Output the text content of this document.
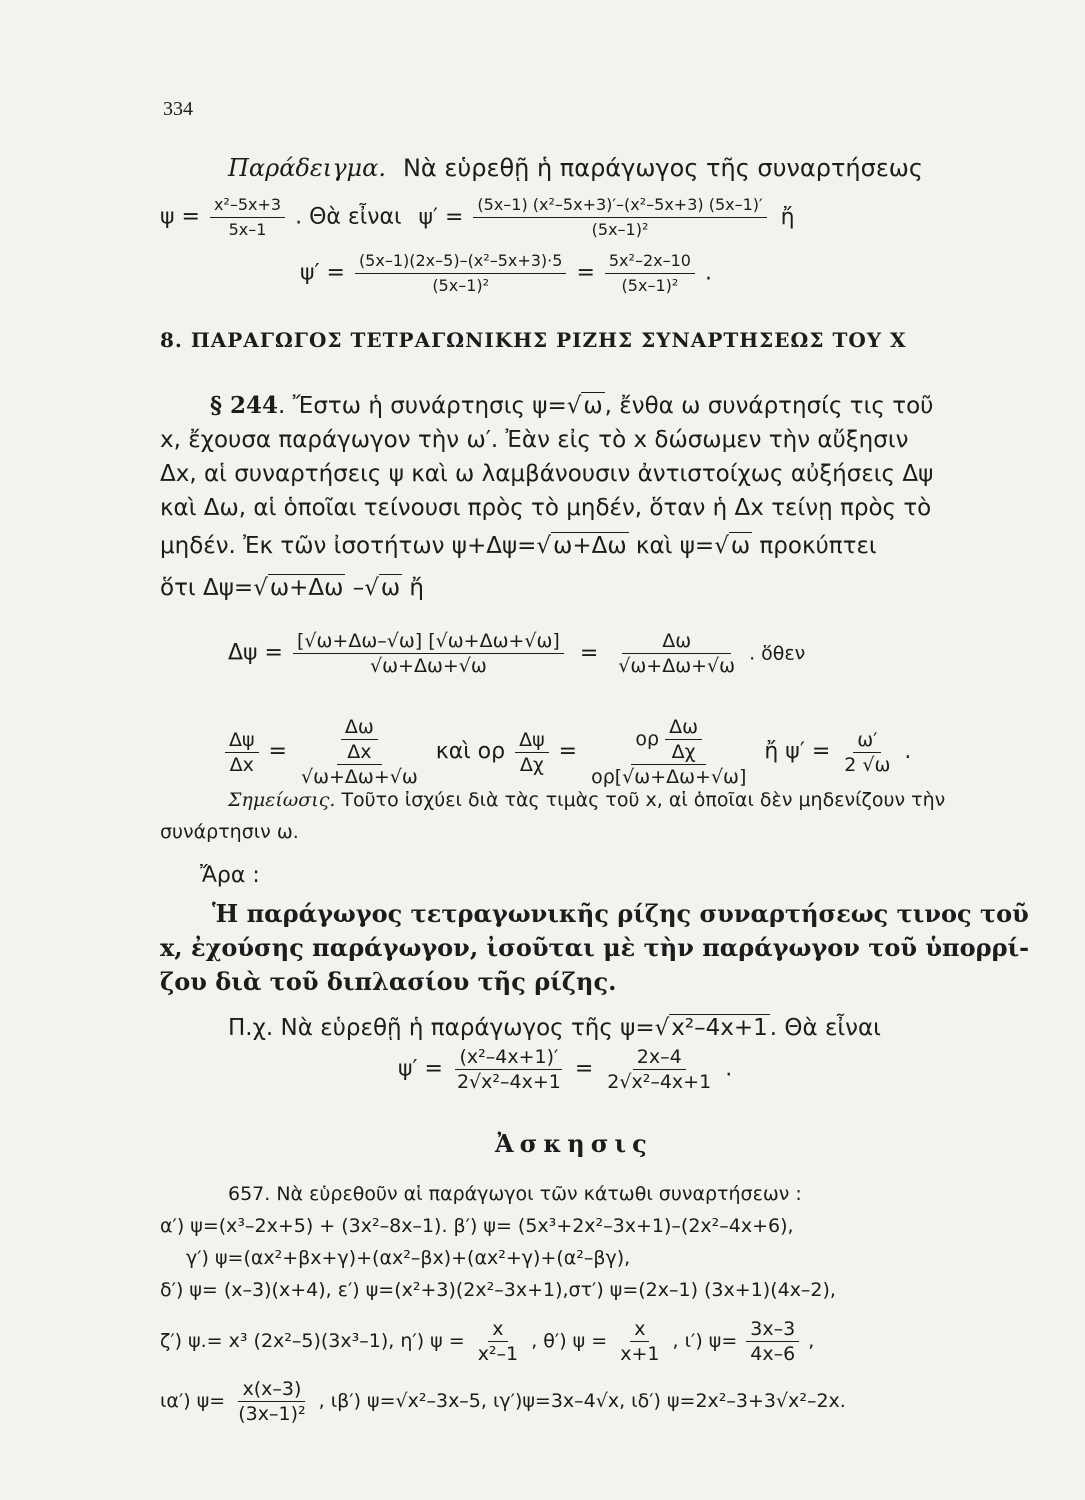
334
Παράδειγμα. Νὰ εὑρεθῇ ἡ παράγωγος τῆς συναρτήσεως
$\psi = \frac{\text{x²–5x+3}}{5x-1}$ . Θὰ εἶναι $\psi' = \frac{\text{(5x–1) (x²–5x+3)′–(x²–5x+3) (5x–1)′}}{\text{(5x–1)²}}$ ἤ
$\psi' = \frac{\text{(5x–1)(2x–5)–(x²–5x+3)·5}}{\text{(5x–1)²}} = \frac{\text{5x²–2x–10}}{\text{(5x–1)²}}$ .
8. ΠΑΡΑΓΩΓΟΣ ΤΕΤΡΑΓΩΝΙΚΗΣ ΡΙΖΗΣ ΣΥΝΑΡΤΗΣΕΩΣ ΤΟΥ Χ
§ 244. Ἔστω ἡ συνάρτησις ψ=√ω, ἔνθα ω συνάρτησίς τις τοῦ
x, ἔχουσα παράγωγον τὴν ω′. Ἐὰν εἰς τὸ x δώσωμεν τὴν αὔξησιν
Δx, αἱ συναρτήσεις ψ καὶ ω λαμβάνουσιν ἀντιστοίχως αὐξήσεις Δψ
καὶ Δω, αἱ ὁποῖαι τείνουσι πρὸς τὸ μηδέν, ὅταν ἡ Δx τείνῃ πρὸς τὸ
μηδέν. Ἐκ τῶν ἰσοτήτων ψ+Δψ=√ω+Δω καὶ ψ=√ω προκύπτει
ὅτι Δψ=√ω+Δω –√ω ἤ
$\Delta\psi = \frac{[√\omega+\Delta\omega-√\omega] [√\omega+\Delta\omega+√\omega]}{√\omega+\Delta\omega+√\omega} = \frac{\Delta\omega}{√\omega+\Delta\omega+√\omega}$ . ὅθεν
$\frac{\Delta\psi}{\Delta x} = \frac{\frac{\Delta\omega}{\Delta x}}{√\omega+\Delta\omega+√\omega}$ καὶ ορ $\frac{\Delta\psi}{\Delta\chi} = \frac{o\rho \frac{\Delta\omega}{\Delta\chi}}{o\rho[√\omega+\Delta\omega+√\omega]}$ ἤ $\psi' = \frac{\omega'}{2 √\omega}$ .
Σημείωσις. Τοῦτο ἰσχύει διὰ τὰς τιμὰς τοῦ x, αἱ ὁποῖαι δὲν μηδενίζουν τὴν
συνάρτησιν ω.
Ἄρα :
Ἡ παράγωγος τετραγωνικῆς ρίζης συναρτήσεως τινος τοῦ
x, ἐχούσης παράγωγον, ἰσοῦται μὲ τὴν παράγωγον τοῦ ὑπορρί-
ζου διὰ τοῦ διπλασίου τῆς ρίζης.
Π.χ. Νὰ εὑρεθῇ ἡ παράγωγος τῆς ψ=√x²–4x+1. Θὰ εἶναι
$\psi' = \frac{\text{(x²–4x+1)′}}{\text{2√x²–4x+1}} = \frac{2x-4}{\text{2√x²–4x+1}}$ .
Ἀσκησις
657. Νὰ εὑρεθοῦν αἱ παράγωγοι τῶν κάτωθι συναρτήσεων :
α′) ψ=(x³–2x+5) + (3x²–8x–1). β′) ψ= (5x³+2x²–3x+1)–(2x²–4x+6),
γ′) ψ=(αx²+βx+γ)+(αx²–βx)+(αx²+γ)+(α²–βγ),
δ′) ψ= (x–3)(x+4), ε′) ψ=(x²+3)(2x²–3x+1),στ′) ψ=(2x–1) (3x+1)(4x–2),
ζ′) ψ.= x³ (2x²–5)(3x³–1), η′) $\psi = \frac{x}{\text{x²–1}}$ , θ′) $\psi = \frac{x}{x+1}$ , ι′) $\psi= \frac{3x-3}{4x-6}$ ,
ια′) $\psi= \frac{x(x-3)}{\text{(3x–1)²}}$ , ιβ′) ψ=√x²–3x–5, ιγ′)ψ=3x–4√x, ιδ′) ψ=2x²–3+3√x²–2x.
